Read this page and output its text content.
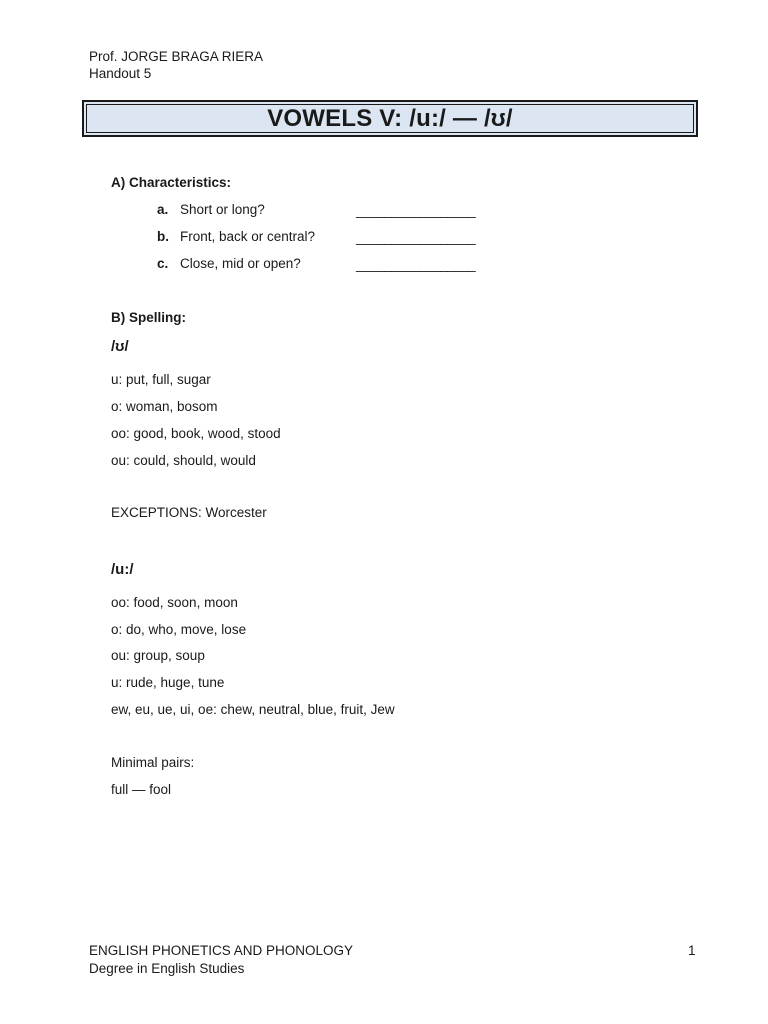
Prof. JORGE BRAGA RIERA
Handout 5
VOWELS V: /u:/ — /ʊ/
A) Characteristics:
a. Short or long?	_________________
b. Front, back or central?	_________________
c. Close, mid or open?	_________________
B) Spelling:
/ʊ/
u: put, full, sugar
o: woman, bosom
oo: good, book, wood, stood
ou: could, should, would
EXCEPTIONS: Worcester
/u:/
oo: food, soon, moon
o: do, who, move, lose
ou: group, soup
u: rude, huge, tune
ew, eu, ue, ui, oe: chew, neutral, blue, fruit, Jew
Minimal pairs:
full — fool
ENGLISH PHONETICS AND PHONOLOGY
Degree in English Studies
1
